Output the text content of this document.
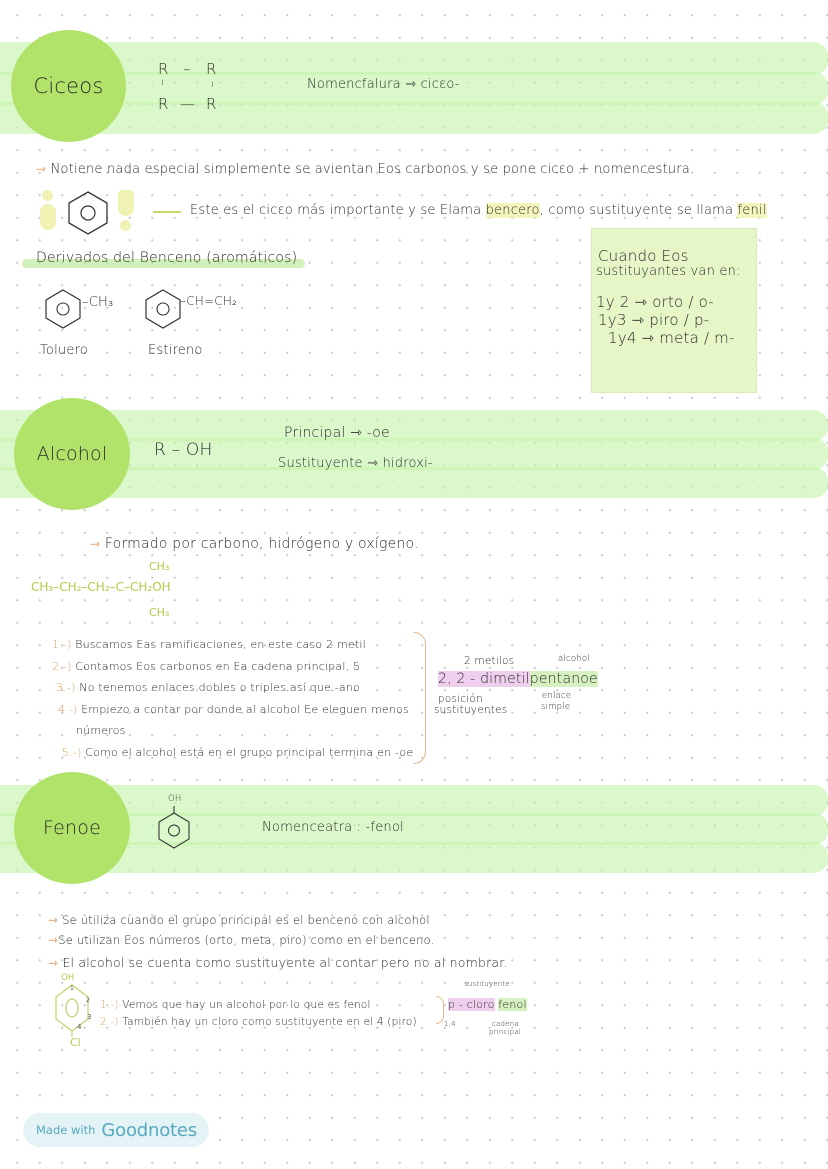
Ciceos
R – R
ı	ı
R — R
Nomencfalura ⇾ cicεo-
⇾ Notiene nada especial simplemente se avientan Eos carbonos y se pone cicεo + nomencestura
Este es el cicεo más importante y se Elama bencero, como sustituyente se llama fenil
Derivados del Benceno (aromáticos)
–CH₃
Toluero
–CH=CH₂
Estireno
Cuando Eos
sustituyantes van en:
1y 2 ⇾ orto / o-
1y3 ⇾ piro / p-
1y4 ⇾ meta / m-
Alcohol	R – OH
Principal ⇾ -oe
Sustituyente ⇾ hidroxi-
⇾ Formado por carbono, hidrógeno y oxígeno.
CH₃
CH₃–CH₂–CH₂–C–CH₂OH
CH₃
1.-) Buscamos Eas ramificaciones, en este caso 2 metil
2.-) Contamos Eos carbonos en Ea cadena principal, 5
3.-) No tenemos enlaces dobles o triples así que -ano
4.-) Empiezo a contar por donde al alcohol Ee eleguen menos
números
5.-) Como el alcohol está en el grupo principal termina en -oe
2 metilos	alcohol
2, 2 - dimetilpentanoe
posición
sustituyentes
enlace
simple
Fenoe
OH
Nomenceatra : -fenol
⇾ Se utiliza cuando el grupo principal es el benceno con alcohol
⇾Se utilizan Eos números (orto, meta, piro) como en el benceno.
⇾ El alcohol se cuenta como sustituyente al contar pero no al nombrar.
OH
1
2
3
4
Cl
1.-) Vemos que hay un alcohol por lo que es fenol
2.-) También hay un cloro como sustituyente en el 4 (piro)
sustituyente
p - cloro fenol
1,4	cadena
principal
Made with Goodnotes
